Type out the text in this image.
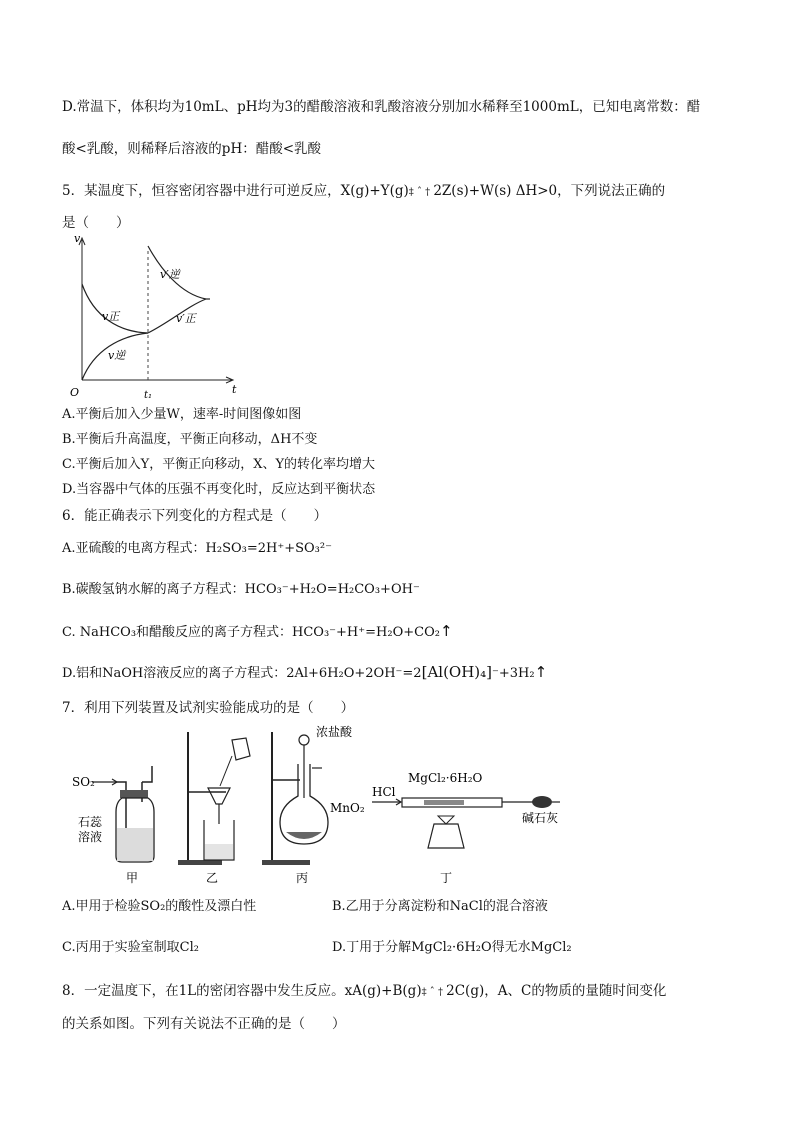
D.常温下，体积均为10mL、pH均为3的醋酸溶液和乳酸溶液分别加水稀释至1000mL，已知电离常数：醋
酸<乳酸，则稀释后溶液的pH：醋酸<乳酸
5．某温度下，恒容密闭容器中进行可逆反应，X(g)+Y(g)‡ ˆ † 2Z(s)+W(s) ΔH>0，下列说法正确的
是（　　）
v
t
O	t₁
v正
v逆
v′逆
v′正
A.平衡后加入少量W，速率-时间图像如图
B.平衡后升高温度，平衡正向移动，ΔH不变
C.平衡后加入Y，平衡正向移动，X、Y的转化率均增大
D.当容器中气体的压强不再变化时，反应达到平衡状态
6．能正确表示下列变化的方程式是（　　）
A.亚硫酸的电离方程式：H₂SO₃=2H⁺+SO₃²⁻
B.碳酸氢钠水解的离子方程式：HCO₃⁻+H₂O=H₂CO₃+OH⁻
C. NaHCO₃和醋酸反应的离子方程式：HCO₃⁻+H⁺=H₂O+CO₂↑
D.铝和NaOH溶液反应的离子方程式：2Al+6H₂O+2OH⁻=2[Al(OH)₄]⁻+3H₂↑
7．利用下列装置及试剂实验能成功的是（　　）
SO₂
石蕊
溶液
甲	乙
浓盐酸
MnO₂
丙
HCl
MgCl₂·6H₂O
碱石灰
丁
A.甲用于检验SO₂的酸性及漂白性	B.乙用于分离淀粉和NaCl的混合溶液
C.丙用于实验室制取Cl₂	D.丁用于分解MgCl₂·6H₂O得无水MgCl₂
8．一定温度下，在1L的密闭容器中发生反应。xA(g)+B(g)‡ ˆ † 2C(g)，A、C的物质的量随时间变化
的关系如图。下列有关说法不正确的是（　　）
